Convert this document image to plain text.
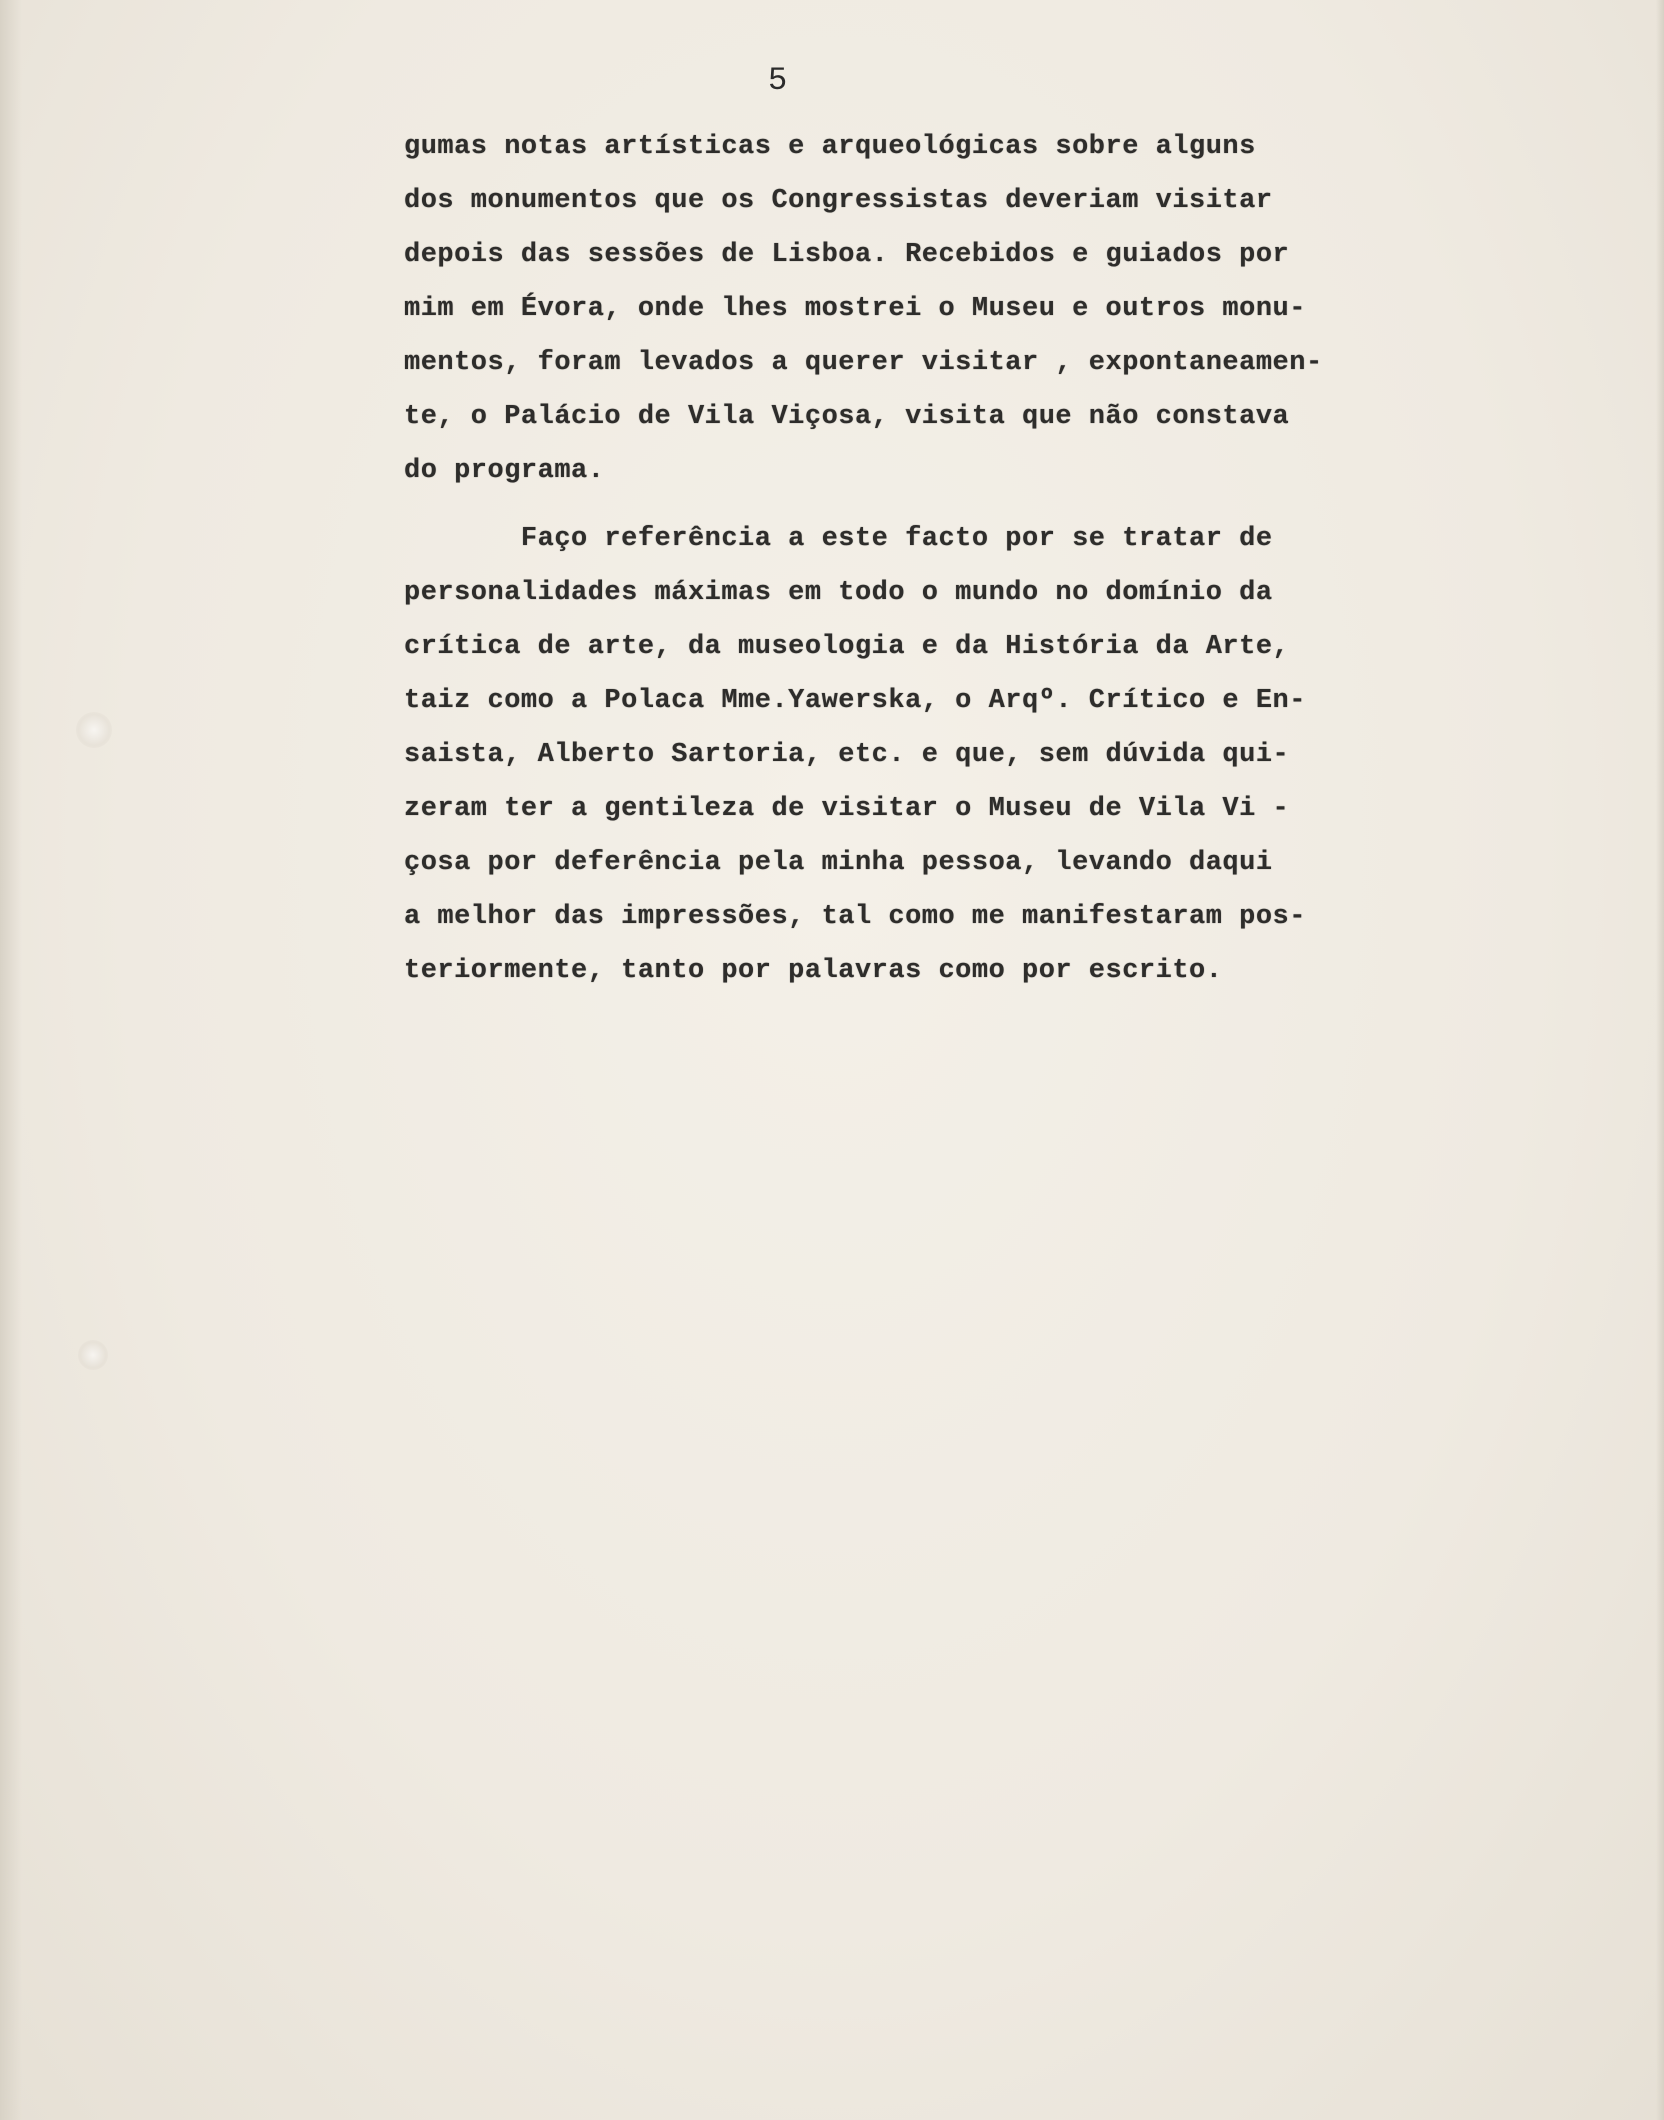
5
gumas notas artísticas e arqueológicas sobre alguns
dos monumentos que os Congressistas deveriam visitar
depois das sessões de Lisboa. Recebidos e guiados por
mim em Évora, onde lhes mostrei o Museu e outros monu-
mentos, foram levados a querer visitar , expontaneamen-
te, o Palácio de Vila Viçosa, visita que não constava
do programa.
Faço referência a este facto por se tratar de
personalidades máximas em todo o mundo no domínio da
crítica de arte, da museologia e da História da Arte,
taiz como a Polaca Mme.Yawerska, o Arqº. Crítico e En-
saista, Alberto Sartoria, etc. e que, sem dúvida qui-
zeram ter a gentileza de visitar o Museu de Vila Vi -
çosa por deferência pela minha pessoa, levando daqui
a melhor das impressões, tal como me manifestaram pos-
teriormente, tanto por palavras como por escrito.
